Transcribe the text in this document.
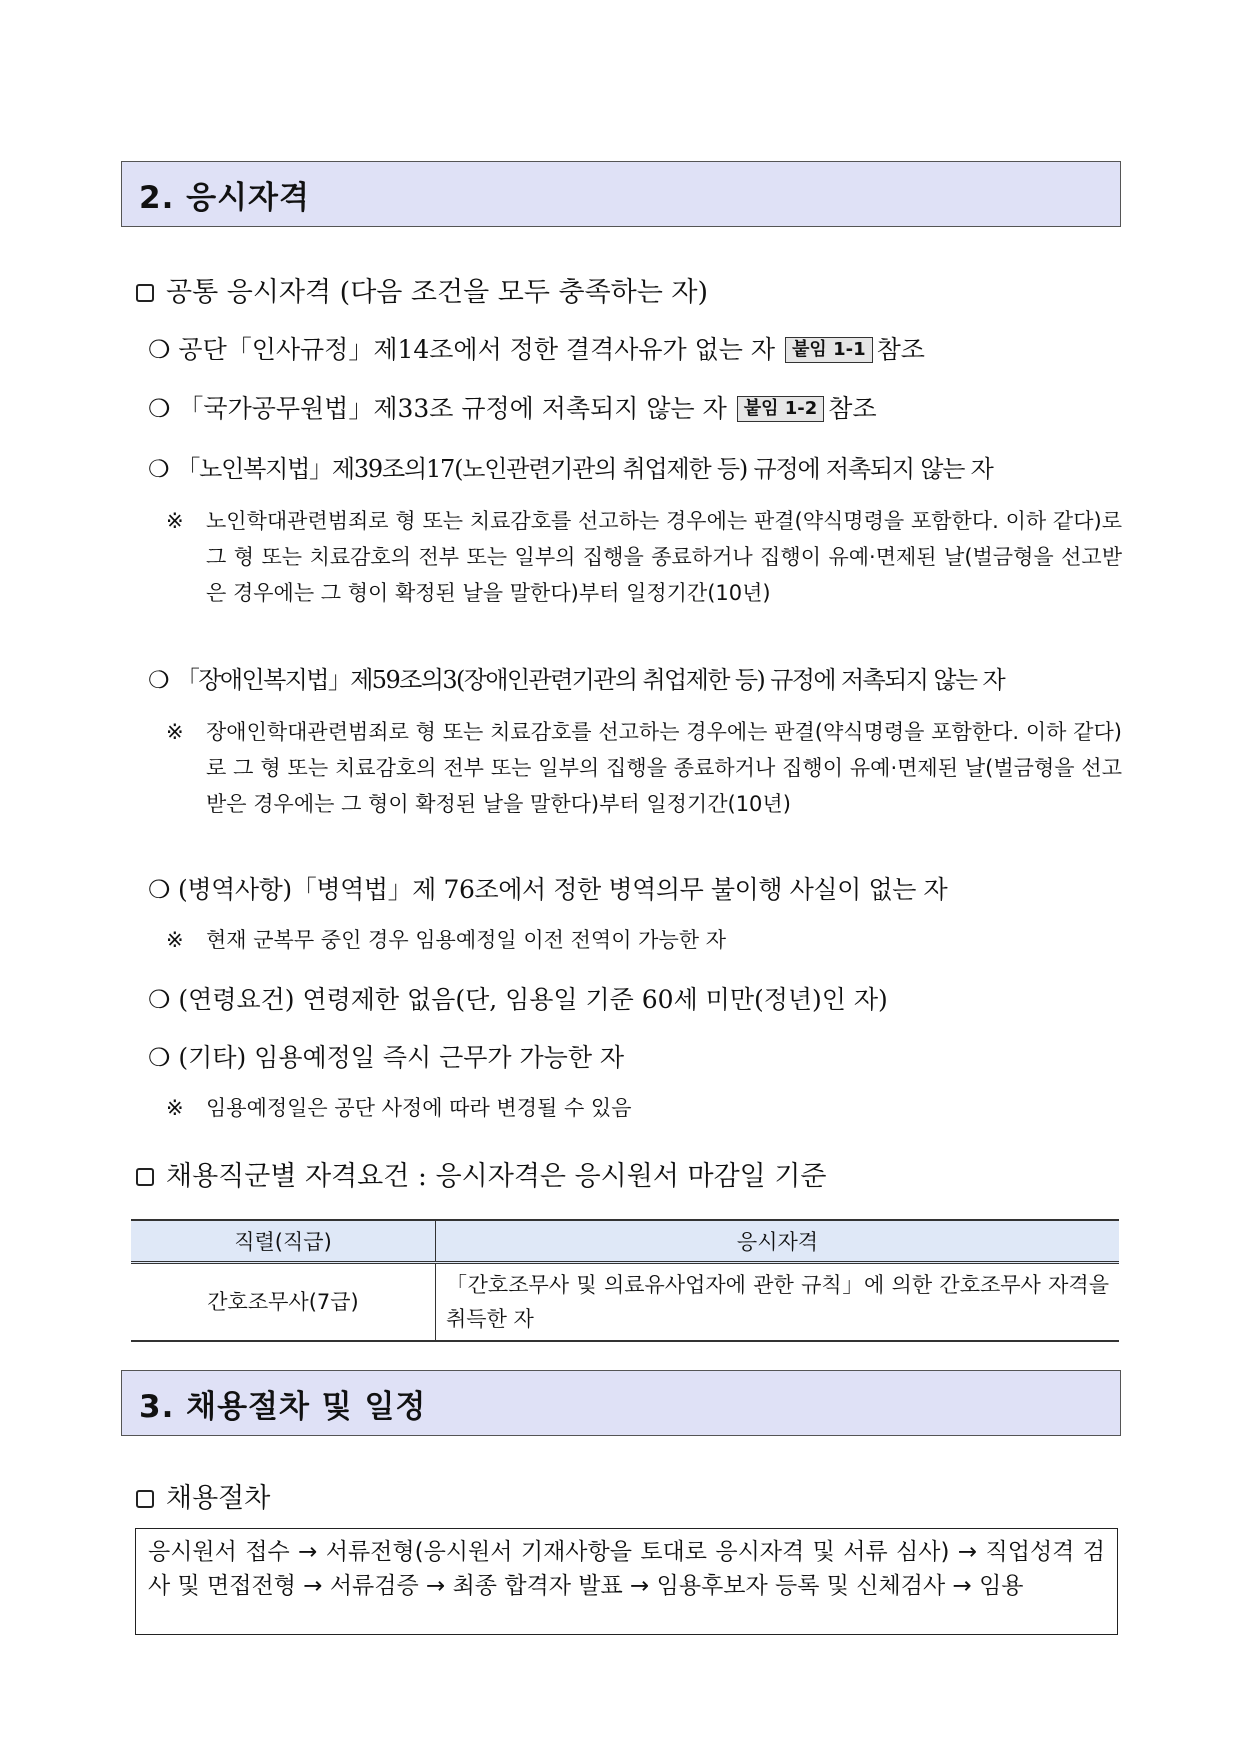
2. 응시자격
공통 응시자격 (다음 조건을 모두 충족하는 자)
❍ 공단「인사규정」제14조에서 정한 결격사유가 없는 자 붙임 1-1 참조
❍ 「국가공무원법」제33조 규정에 저촉되지 않는 자 붙임 1-2 참조
❍ 「노인복지법」제39조의17(노인관련기관의 취업제한 등) 규정에 저촉되지 않는 자
※ 노인학대관련범죄로 형 또는 치료감호를 선고하는 경우에는 판결(약식명령을 포함한다. 이하 같다)로 그 형 또는 치료감호의 전부 또는 일부의 집행을 종료하거나 집행이 유예·면제된 날(벌금형을 선고받은 경우에는 그 형이 확정된 날을 말한다)부터 일정기간(10년)
❍ 「장애인복지법」제59조의3(장애인관련기관의 취업제한 등) 규정에 저촉되지 않는 자
※ 장애인학대관련범죄로 형 또는 치료감호를 선고하는 경우에는 판결(약식명령을 포함한다. 이하 같다)로 그 형 또는 치료감호의 전부 또는 일부의 집행을 종료하거나 집행이 유예·면제된 날(벌금형을 선고받은 경우에는 그 형이 확정된 날을 말한다)부터 일정기간(10년)
❍ (병역사항)「병역법」제 76조에서 정한 병역의무 불이행 사실이 없는 자
※ 현재 군복무 중인 경우 임용예정일 이전 전역이 가능한 자
❍ (연령요건) 연령제한 없음(단, 임용일 기준 60세 미만(정년)인 자)
❍ (기타) 임용예정일 즉시 근무가 가능한 자
※ 임용예정일은 공단 사정에 따라 변경될 수 있음
채용직군별 자격요건 : 응시자격은 응시원서 마감일 기준
직렬(직급)	응시자격
간호조무사(7급)	「간호조무사 및 의료유사업자에 관한 규칙」에 의한 간호조무사 자격을 취득한 자
3. 채용절차 및 일정
채용절차
응시원서 접수 → 서류전형(응시원서 기재사항을 토대로 응시자격 및 서류 심사) → 직업성격 검사 및 면접전형 → 서류검증 → 최종 합격자 발표 → 임용후보자 등록 및 신체검사 → 임용
